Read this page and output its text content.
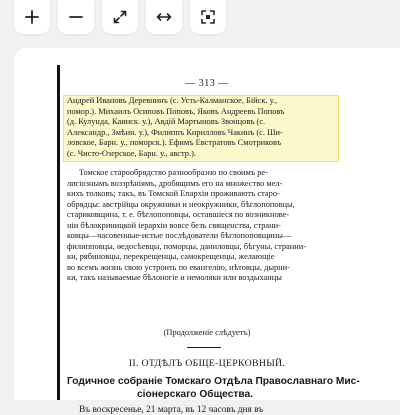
— 313 —
Андрей Ивановъ Деревнинъ (с. Усть-Калманское, Бійск. у.,
помор.). Михаилъ Осиповъ Поповъ, Яковъ Андреевъ Поповъ
(д. Кулунда, Каинск. у.), Авдій Мартыновъ Звонцовъ (с.
Александр., Змѣин. у.), Филиппъ Кирилловъ Чакинъ (с. Ши-
ловское, Барн. у., поморск.). Ефимъ Евстратовъ Смотриковъ
(с. Чисто-Озерское, Барн. у., австр.).
Томское старообрядство разнообразно по своимъ ре-
лигіознымъ воззрѣніямъ, дробящимъ его на множество мел-
кихъ толковъ; такъ, въ Томской Епархіи проживаютъ старо-
обрядцы: австрійцы окружники и неокружники, бѣглопоповцы,
стариковщина, т. е. бѣглопоповцы, оставшіеся по возникнове-
ніи бѣлокриницкой іерархіи вовсе безъ священства, страни-
ковцы—часовенные-истые послѣдователи бѣглопоповщины—
филипповцы, ѳедосѣевцы, поморцы, даниловцы, бѣгуны, странни-
ки, рябиновцы, перекрещенцы, самокрещенцы, желающіе
во всемъ жизнь свою устроить по евангелію, нѣтовцы, дырни-
ки, такъ называемые бѣлоногіе и немоляки или воздыханцы
(Продолженіе слѣдуетъ)
II. ОТДѢЛЪ ОБЩЕ-ЦЕРКОВНЫЙ.
Годичное собраніе Томскаго Отдѣла Православнаго Мис-
сіонерскаго Общества.
Въ воскресенье, 21 марта, въ 12 часовъ дня въ
